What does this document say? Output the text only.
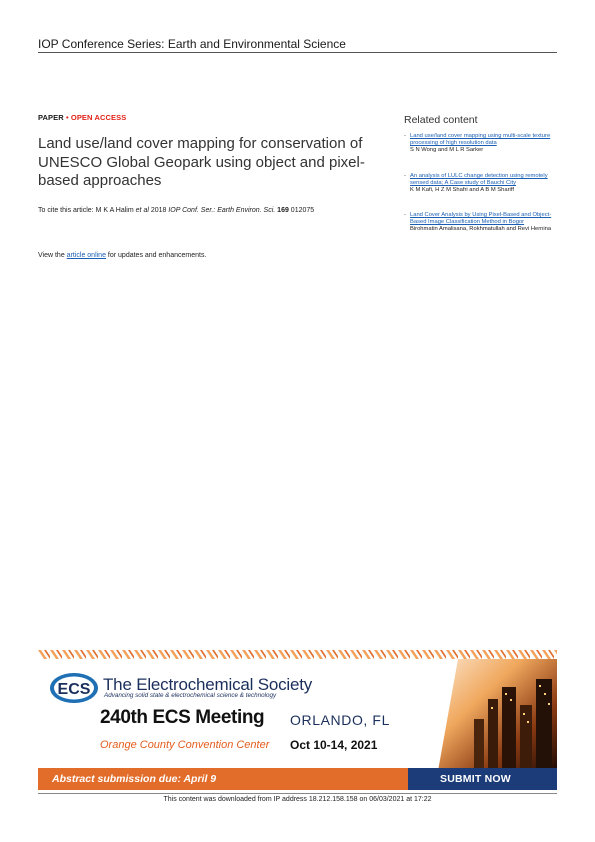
IOP Conference Series: Earth and Environmental Science
PAPER • OPEN ACCESS
Land use/land cover mapping for conservation of UNESCO Global Geopark using object and pixel-based approaches
To cite this article: M K A Halim et al 2018 IOP Conf. Ser.: Earth Environ. Sci. 169 012075
View the article online for updates and enhancements.
Related content
- Land use/land cover mapping using multi-scale texture processing of high resolution data
S N Wong and M L R Sarker
- An analysis of LULC change detection using remotely sensed data; A Case study of Bauchi City
K M Kafi, H Z M Shafri and A B M Shariff
- Land Cover Analysis by Using Pixel-Based and Object-Based Image Classification Method in Bogor
Birohmatin Amalisana, Rokhmatullah and Revi Hernina
ECS The Electrochemical Society
Advancing solid state & electrochemical science & technology
240th ECS Meeting ORLANDO, FL
Orange County Convention Center Oct 10-14, 2021
Abstract submission due: April 9	SUBMIT NOW
This content was downloaded from IP address 18.212.158.158 on 06/03/2021 at 17:22
